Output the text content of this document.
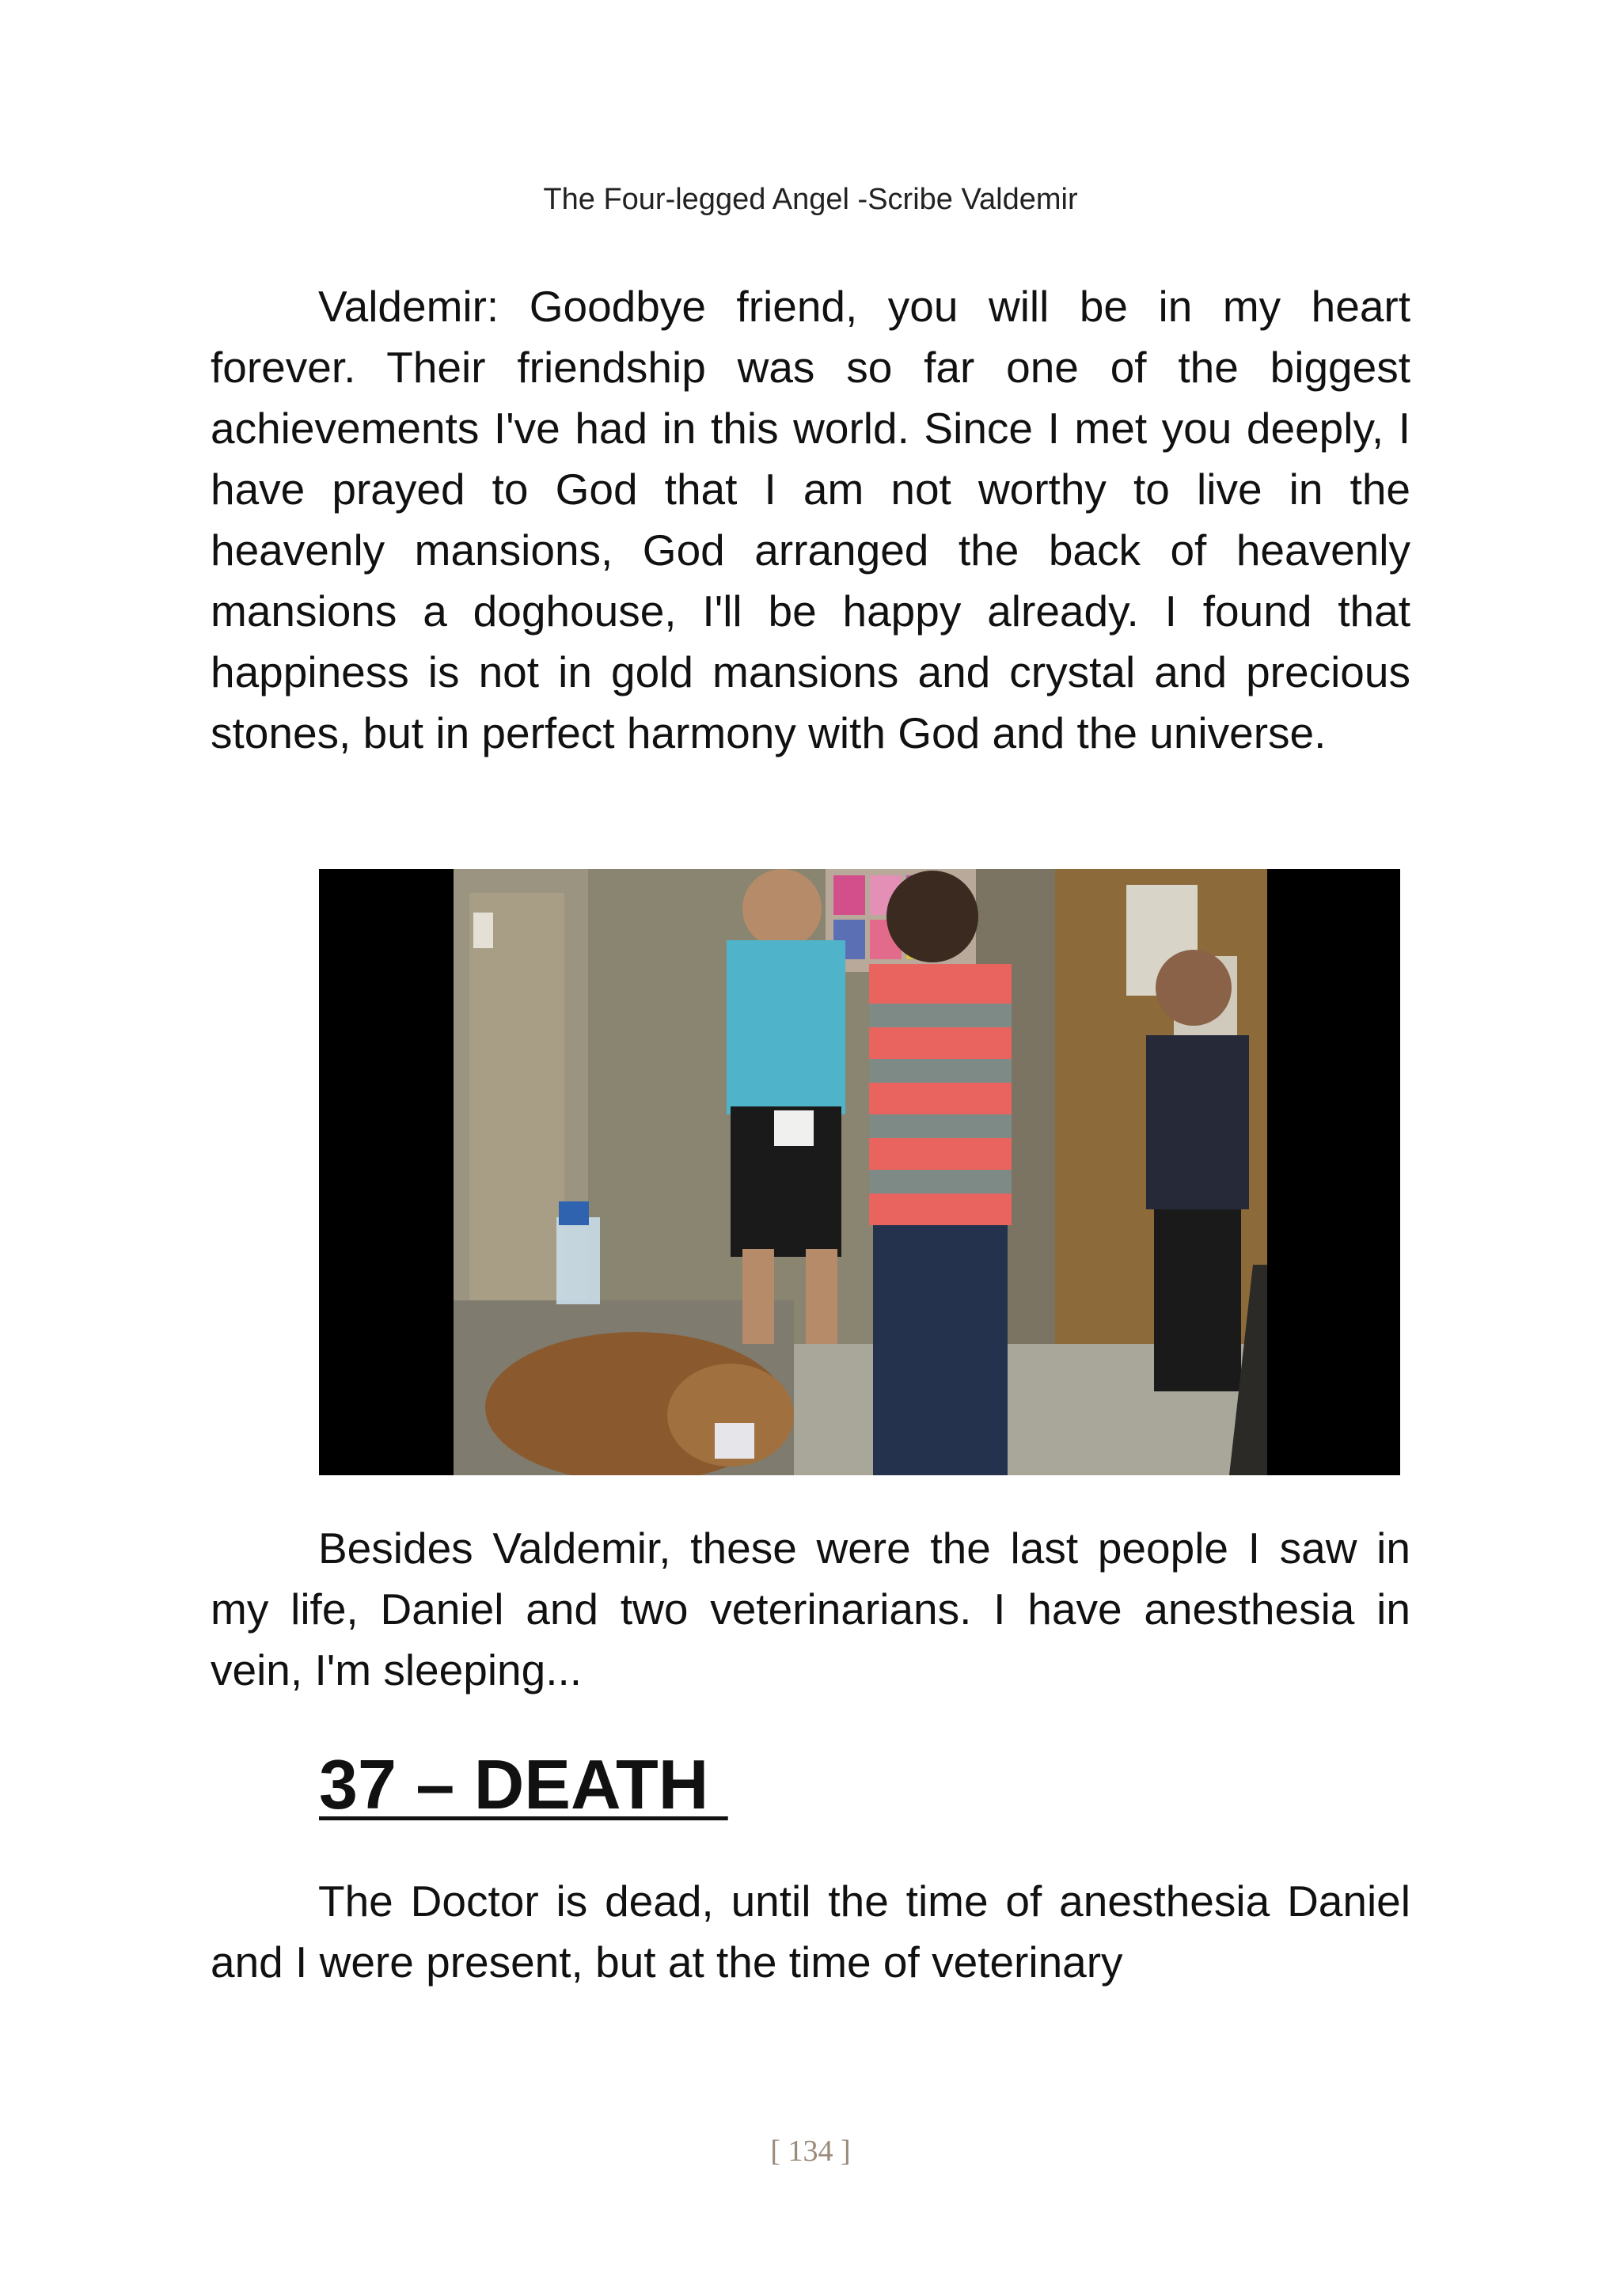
The Four-legged Angel -Scribe Valdemir

Valdemir: Goodbye friend, you will be in my heart forever. Their friendship was so far one of the biggest achievements I've had in this world. Since I met you deeply, I have prayed to God that I am not worthy to live in the heavenly mansions, God arranged the back of heavenly mansions a doghouse, I'll be happy already. I found that happiness is not in gold mansions and crystal and precious stones, but in perfect harmony with God and the universe.

Besides Valdemir, these were the last people I saw in my life, Daniel and two veterinarians. I have anesthesia in vein, I'm sleeping...

37 – DEATH

The Doctor is dead, until the time of anesthesia Daniel and I were present, but at the time of veterinary

[ 134 ]
